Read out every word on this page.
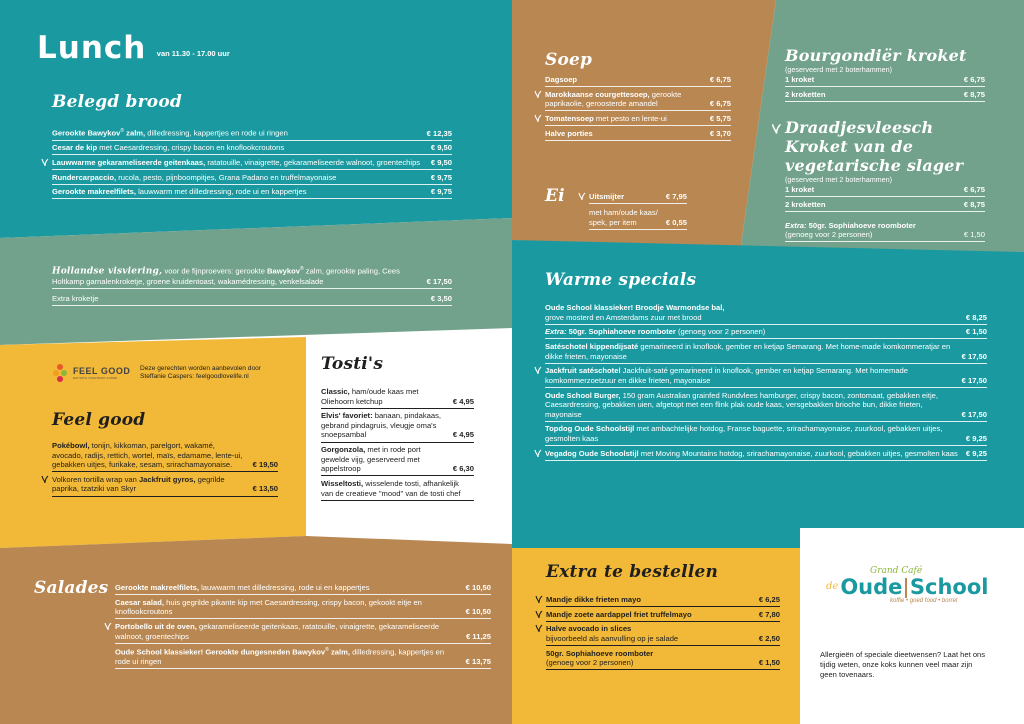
Lunch van 11.30 - 17.00 uur
Belegd brood
Gerookte Bawykov® zalm, dilledressing, kappertjes en rode ui ringen	€ 12,35
Cesar de kip met Caesardressing, crispy bacon en knoflookcroutons	€ 9,50
Lauwwarme gekarameliseerde geitenkaas, ratatouille, vinaigrette, gekarameliseerde walnoot, groentechips	€ 9,50
Rundercarpaccio, rucola, pesto, pijnboompitjes, Grana Padano en truffelmayonaise	€ 9,75
Gerookte makreelfilets, lauwwarm met dilledressing, rode ui en kappertjes	€ 9,75
Hollandse visviering, voor de fijnproevers: gerookte Bawykov® zalm, gerookte paling, Cees Holtkamp garnalenkroketje, groene kruidentoast, wakamédressing, venkelsalade	€ 17,50
Extra kroketje	€ 3,50
FEEL GOOD
EAT WITH YOUR BODY & MIND
Deze gerechten worden aanbevolen door Steffanie Caspers: feelgoodlovelife.nl
Feel good
Pokébowl, tonijn, kikkoman, parelgort, wakamé, avocado, radijs, rettich, wortel, maïs, edamame, lente-ui, gebakken uitjes, furikake, sesam, srirachamayonaise.	€ 19,50
Volkoren tortilla wrap van Jackfruit gyros, gegrilde paprika, tzatziki van Skyr	€ 13,50
Tosti's
Classic, ham/oude kaas met Oliehoorn ketchup	€ 4,95
Elvis' favoriet: banaan, pindakaas, gebrand pindagruis, vleugje oma's snoepsambal	€ 4,95
Gorgonzola, met in rode port gewelde vijg, geserveerd met appelstroop	€ 6,30
Wisseltosti, wisselende tosti, afhankelijk van de creatieve "mood" van de tosti chef
Salades Gerookte makreelfilets, lauwwarm met dilledressing, rode ui en kappertjes	€ 10,50
Caesar salad, huis gegrilde pikante kip met Caesardressing, crispy bacon, gekookt eitje en knoflookcroutons	€ 10,50
Portobello uit de oven, gekarameliseerde geitenkaas, ratatouille, vinaigrette, gekarameliseerde walnoot, groentechips	€ 11,25
Oude School klassieker! Gerookte dungesneden Bawykov® zalm, dilledressing, kappertjes en rode ui ringen	€ 13,75
Soep
Dagsoep	€ 6,75
Marokkaanse courgettesoep, gerookte paprikaolie, geroosterde amandel	€ 6,75
Tomatensoep met pesto en lente-ui	€ 5,75
Halve porties	€ 3,70
Ei	Uitsmijter	€ 7,95
met ham/oude kaas/ spek, per item	€ 0,55
Bourgondiër kroket
(geserveerd met 2 boterhammen)
1 kroket	€ 6,75
2 kroketten	€ 8,75
Draadjesvleesch Kroket van de vegetarische slager
(geserveerd met 2 boterhammen)
1 kroket	€ 6,75
2 kroketten	€ 8,75
Extra: 50gr. Sophiahoeve roomboter
(genoeg voor 2 personen)	€ 1,50
Warme specials
Oude School klassieker! Broodje Warmondse bal,
grove mosterd en Amsterdams zuur met brood	€ 8,25
Extra: 50gr. Sophiahoeve roomboter (genoeg voor 2 personen)	€ 1,50
Satéschotel kippendijsaté gemarineerd in knoflook, gember en ketjap Semarang. Met home-made komkommeratjar en dikke frieten, mayonaise	€ 17,50
Jackfruit satéschotel Jackfruit-saté gemarineerd in knoflook, gember en ketjap Semarang. Met homemade komkommerzoetzuur en dikke frieten, mayonaise	€ 17,50
Oude School Burger, 150 gram Australian grainfed Rundvlees hamburger, crispy bacon, zontomaat, gebakken eitje, Caesardressing, gebakken uien, afgetopt met een flink plak oude kaas, versgebakken brioche bun, dikke frieten, mayonaise	€ 17,50
Topdog Oude Schoolstijl met ambachtelijke hotdog, Franse baguette, srirachamayonaise, zuurkool, gebakken uitjes, gesmolten kaas	€ 9,25
Vegadog Oude Schoolstijl met Moving Mountains hotdog, srirachamayonaise, zuurkool, gebakken uitjes, gesmolten kaas	€ 9,25
Extra te bestellen
Mandje dikke frieten mayo	€ 6,25
Mandje zoete aardappel friet truffelmayo	€ 7,80
Halve avocado in slices
bijvoorbeeld als aanvulling op je salade	€ 2,50
50gr. Sophiahoeve roomboter
(genoeg voor 2 personen)	€ 1,50
Grand Café
de Oude School
koffie • goed food • borrel
Allergieën of speciale dieetwensen? Laat het ons tijdig weten, onze koks kunnen veel maar zijn geen tovenaars.
